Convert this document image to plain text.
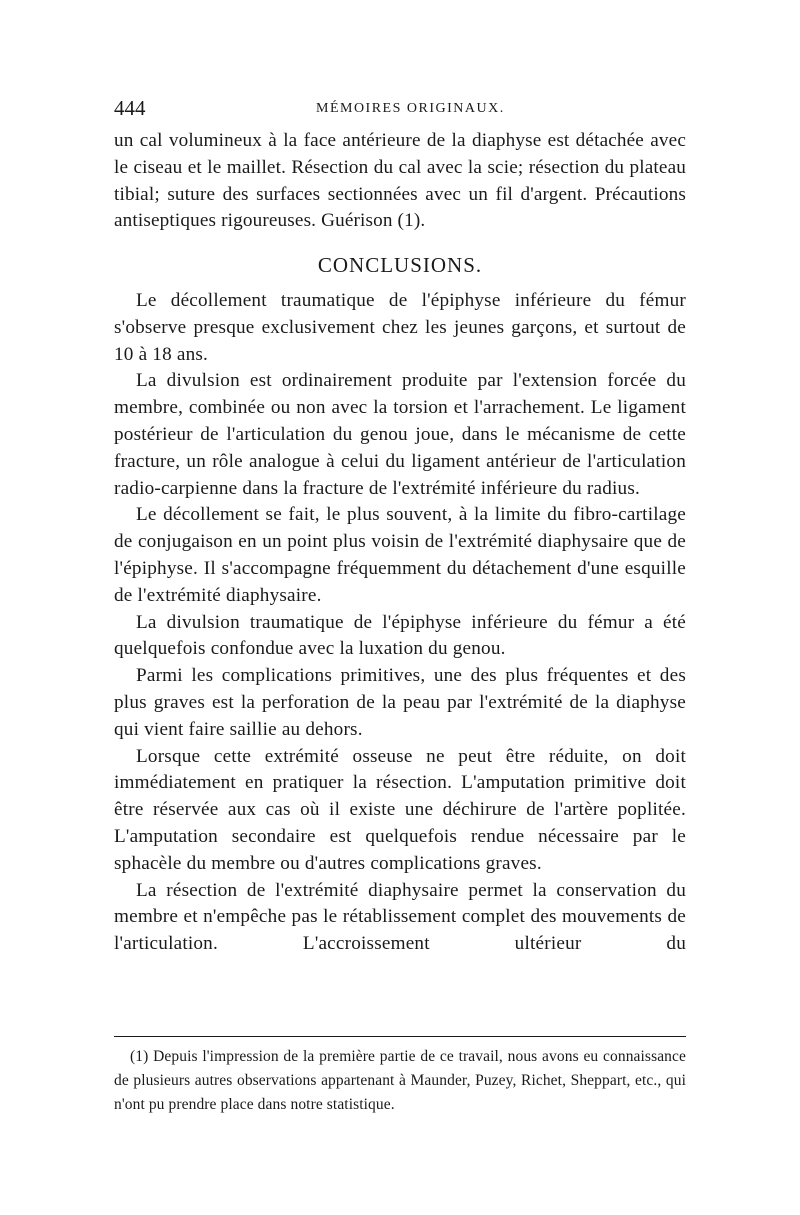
444	MÉMOIRES ORIGINAUX.

un cal volumineux à la face antérieure de la diaphyse est détachée avec le ciseau et le maillet. Résection du cal avec la scie; résection du plateau tibial; suture des surfaces sectionnées avec un fil d'argent. Précautions antiseptiques rigoureuses. Guérison (1).

CONCLUSIONS.

Le décollement traumatique de l'épiphyse inférieure du fémur s'observe presque exclusivement chez les jeunes garçons, et surtout de 10 à 18 ans.

La divulsion est ordinairement produite par l'extension forcée du membre, combinée ou non avec la torsion et l'arrachement. Le ligament postérieur de l'articulation du genou joue, dans le mécanisme de cette fracture, un rôle analogue à celui du ligament antérieur de l'articulation radio-carpienne dans la fracture de l'extrémité inférieure du radius.

Le décollement se fait, le plus souvent, à la limite du fibro-cartilage de conjugaison en un point plus voisin de l'extrémité diaphysaire que de l'épiphyse. Il s'accompagne fréquemment du détachement d'une esquille de l'extrémité diaphysaire.

La divulsion traumatique de l'épiphyse inférieure du fémur a été quelquefois confondue avec la luxation du genou.

Parmi les complications primitives, une des plus fréquentes et des plus graves est la perforation de la peau par l'extrémité de la diaphyse qui vient faire saillie au dehors.

Lorsque cette extrémité osseuse ne peut être réduite, on doit immédiatement en pratiquer la résection. L'amputation primitive doit être réservée aux cas où il existe une déchirure de l'artère poplitée. L'amputation secondaire est quelquefois rendue nécessaire par le sphacèle du membre ou d'autres complications graves.

La résection de l'extrémité diaphysaire permet la conservation du membre et n'empêche pas le rétablissement complet des mouvements de l'articulation. L'accroissement ultérieur du

(1) Depuis l'impression de la première partie de ce travail, nous avons eu connaissance de plusieurs autres observations appartenant à Maunder, Puzey, Richet, Sheppart, etc., qui n'ont pu prendre place dans notre statistique.
